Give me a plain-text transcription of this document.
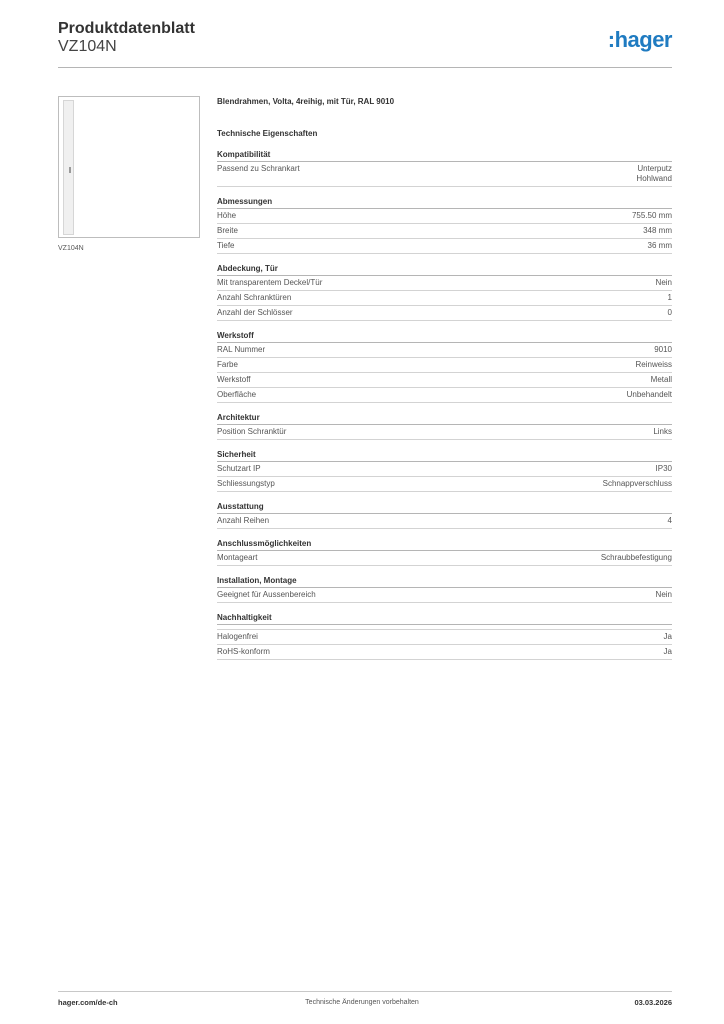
Produktdatenblatt
VZ104N	:hager
VZ104N
Blendrahmen, Volta, 4reihig, mit Tür, RAL 9010
Technische Eigenschaften
Kompatibilität
Passend zu Schrankart	Unterputz
Hohlwand
Abmessungen
Höhe	755.50 mm
Breite	348 mm
Tiefe	36 mm
Abdeckung, Tür
Mit transparentem Deckel/Tür	Nein
Anzahl Schranktüren	1
Anzahl der Schlösser	0
Werkstoff
RAL Nummer	9010
Farbe	Reinweiss
Werkstoff	Metall
Oberfläche	Unbehandelt
Architektur
Position Schranktür	Links
Sicherheit
Schutzart IP	IP30
Schliessungstyp	Schnappverschluss
Ausstattung
Anzahl Reihen	4
Anschlussmöglichkeiten
Montageart	Schraubbefestigung
Installation, Montage
Geeignet für Aussenbereich	Nein
Nachhaltigkeit
Halogenfrei	Ja
RoHS-konform	Ja
hager.com/de-ch	Technische Änderungen vorbehalten	03.03.2026
